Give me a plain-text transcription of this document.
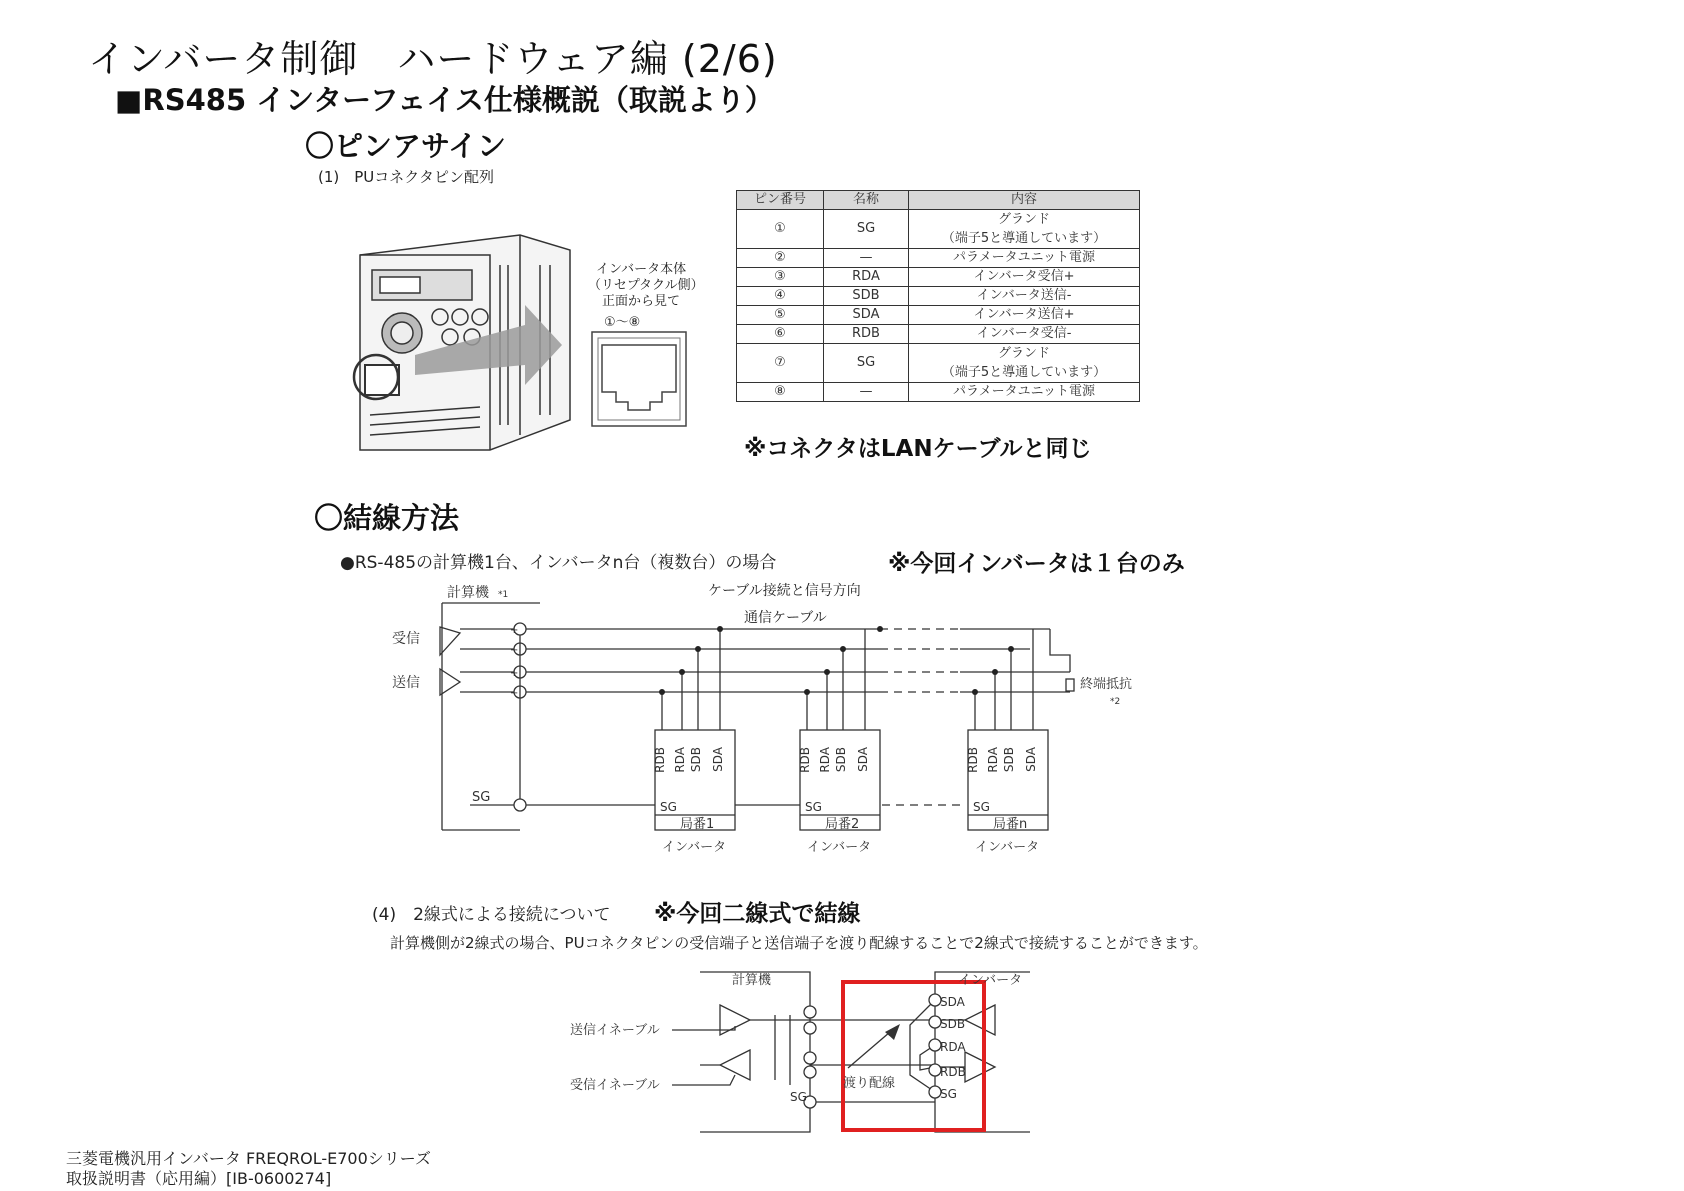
インバータ制御　ハードウェア編 (2/6)
■RS485 インターフェイス仕様概説（取説より）
〇ピンアサイン
(1)　PUコネクタピン配列
インバータ本体
（リセプタクル側）
正面から見て
①～⑧
ピン番号	名称	内容
①	SG	グランド
（端子5と導通しています）

②	—	パラメータユニット電源
③	RDA	インバータ受信+
④	SDB	インバータ送信-
⑤	SDA	インバータ送信+
⑥	RDB	インバータ受信-
⑦	SG	グランド
（端子5と導通しています）

⑧	—	パラメータユニット電源
※コネクタはLANケーブルと同じ
〇結線方法
●RS-485の計算機1台、インバータn台（複数台）の場合	※今回インバータは１台のみ
+
−
+
−
RDB RDA SDB SDA	RDB RDA SDB SDA	RDB RDA SDB SDA
計算機 *1
受信
送信
SG
SG	SG	SG
局番1	局番2	局番n
インバータ	インバータ	インバータ
終端抵抗
*2
ケーブル接続と信号方向
通信ケーブル
(4)　2線式による接続について ※今回二線式で結線
計算機側が2線式の場合、PUコネクタピンの受信端子と送信端子を渡り配線することで2線式で接続することができます。
SDA
SDB
RDA
RDB
SG
計算機	インバータ
送信イネーブル
受信イネーブル
SG
渡り配線
三菱電機汎用インバータ FREQROL-E700シリーズ
取扱説明書（応用編）[IB-0600274]
